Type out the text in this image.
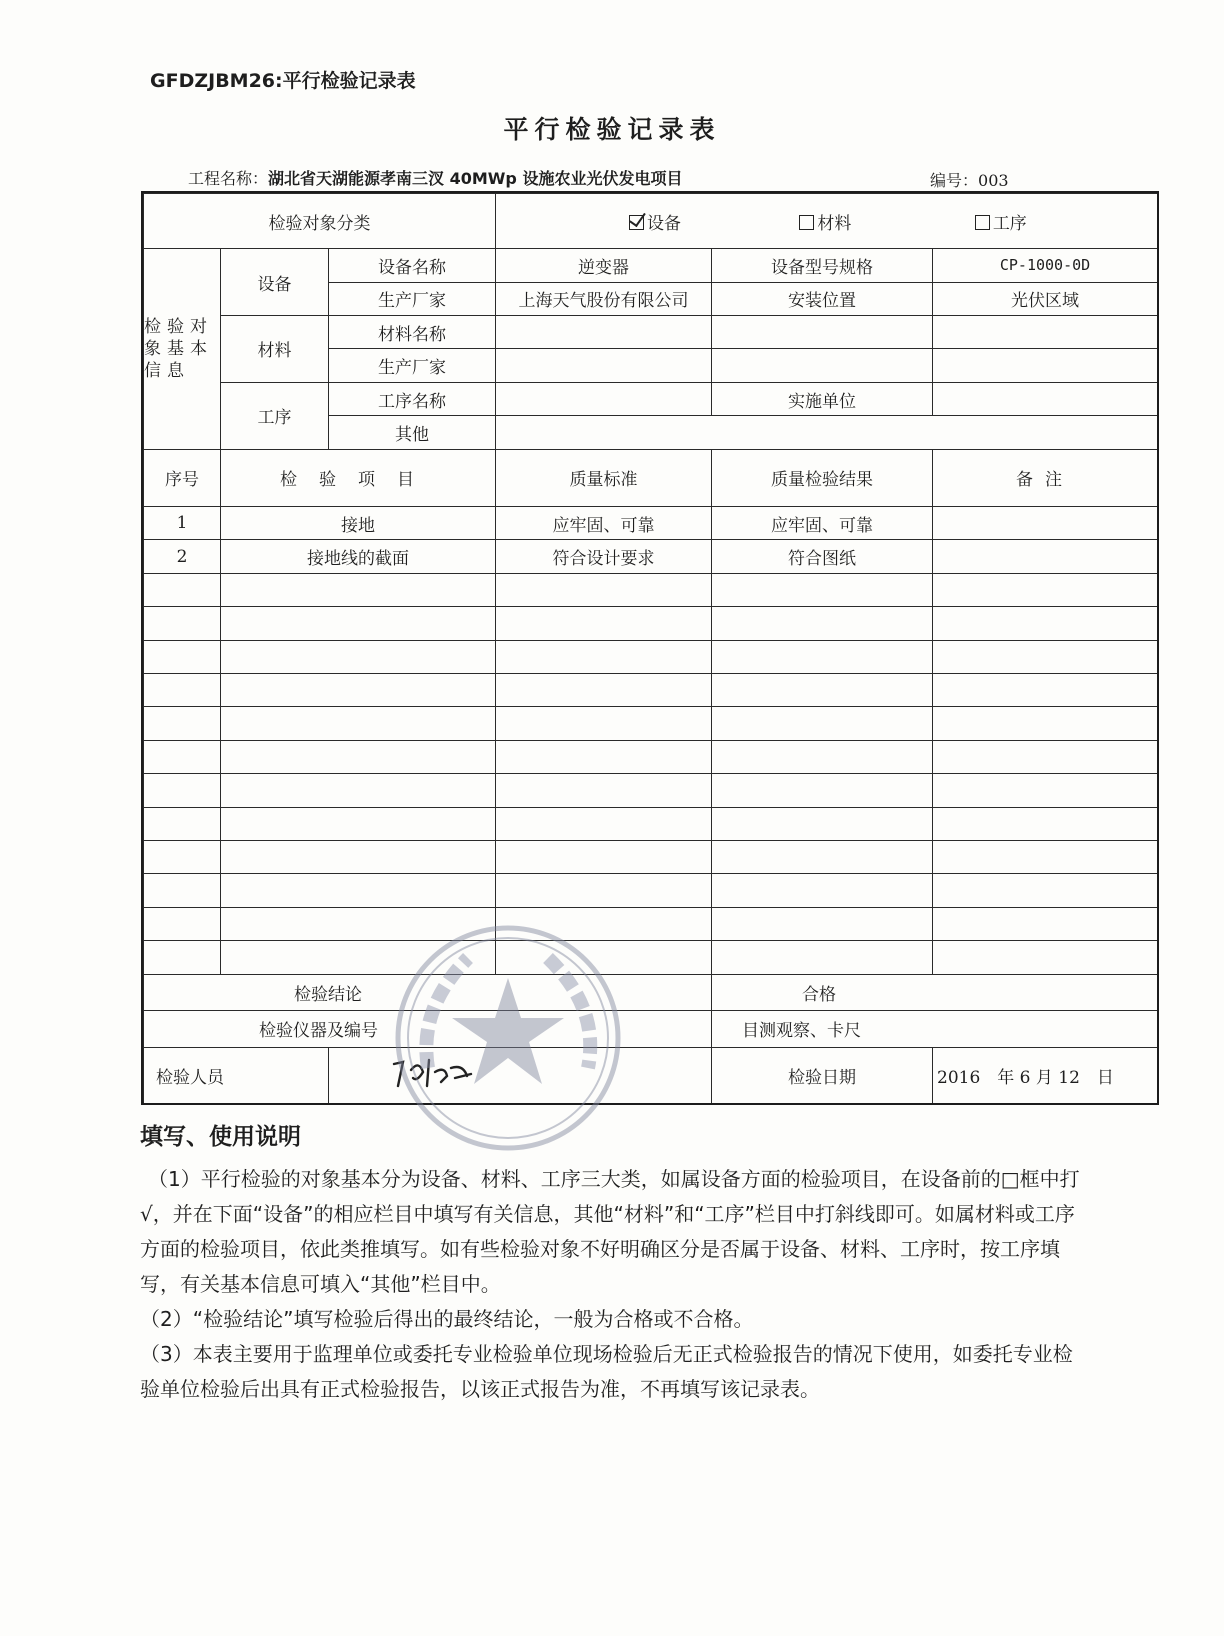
GFDZJBM26:平行检验记录表
平行检验记录表
工程名称：湖北省天湖能源孝南三汊 40MWp 设施农业光伏发电项目	编号：003
检验对象分类			设备 材料 工序		
检验对象基本信息	设备	设备名称	逆变器	设备型号规格	CP-1000-0D
		生产厂家	上海天气股份有限公司	安装位置	光伏区域
	材料	材料名称			
		生产厂家			
	工序	工序名称		实施单位	
		其他			
序号	检验项目		质量标准	质量检验结果	备注
1	接地		应牢固、可靠	应牢固、可靠	
2	接地线的截面		符合设计要求	符合图纸	

检验结论				合格	
检验仪器及编号				目测观察、卡尺	
检验人员				检验日期	2016　年 6 月 12　日
填写、使用说明

（1）平行检验的对象基本分为设备、材料、工序三大类，如属设备方面的检验项目，在设备前的□框中打√，并在下面“设备”的相应栏目中填写有关信息，其他“材料”和“工序”栏目中打斜线即可。如属材料或工序方面的检验项目，依此类推填写。如有些检验对象不好明确区分是否属于设备、材料、工序时，按工序填写，有关基本信息可填入“其他”栏目中。

（2）“检验结论”填写检验后得出的最终结论，一般为合格或不合格。

（3）本表主要用于监理单位或委托专业检验单位现场检验后无正式检验报告的情况下使用，如委托专业检验单位检验后出具有正式检验报告，以该正式报告为准，不再填写该记录表。
